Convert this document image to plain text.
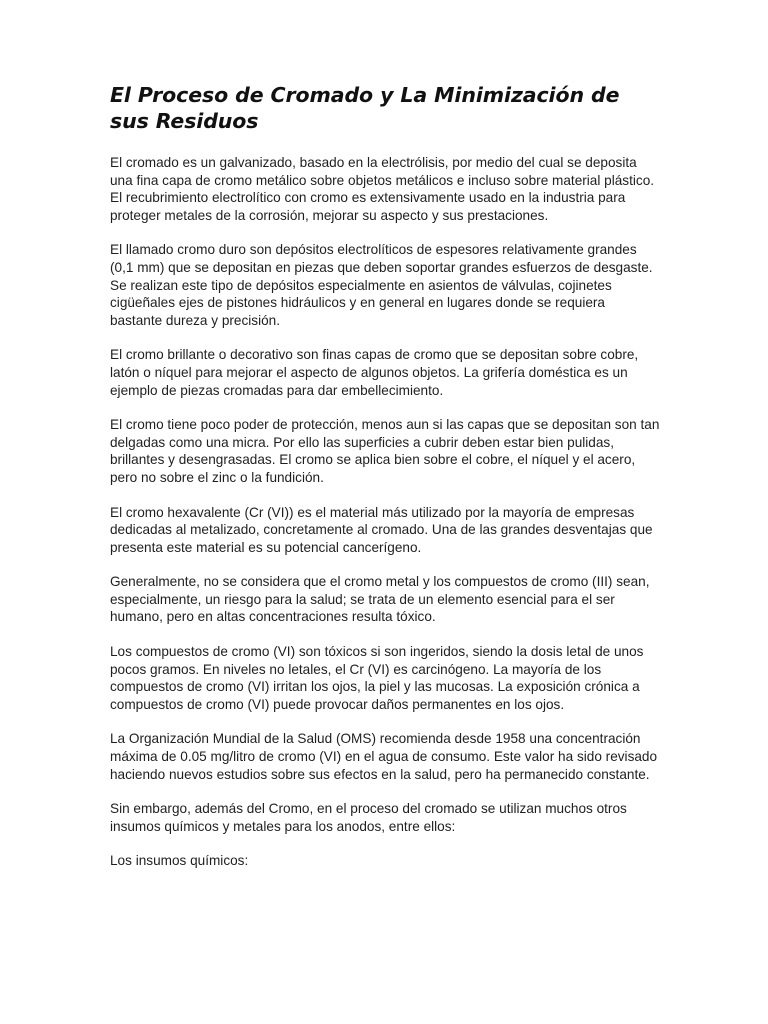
El Proceso de Cromado y La Minimización de sus Residuos

El cromado es un galvanizado, basado en la electrólisis, por medio del cual se deposita una fina capa de cromo metálico sobre objetos metálicos e incluso sobre material plástico. El recubrimiento electrolítico con cromo es extensivamente usado en la industria para proteger metales de la corrosión, mejorar su aspecto y sus prestaciones.

El llamado cromo duro son depósitos electrolíticos de espesores relativamente grandes (0,1 mm) que se depositan en piezas que deben soportar grandes esfuerzos de desgaste. Se realizan este tipo de depósitos especialmente en asientos de válvulas, cojinetes cigüeñales ejes de pistones hidráulicos y en general en lugares donde se requiera bastante dureza y precisión.

El cromo brillante o decorativo son finas capas de cromo que se depositan sobre cobre, latón o níquel para mejorar el aspecto de algunos objetos. La grifería doméstica es un ejemplo de piezas cromadas para dar embellecimiento.

El cromo tiene poco poder de protección, menos aun si las capas que se depositan son tan delgadas como una micra. Por ello las superficies a cubrir deben estar bien pulidas, brillantes y desengrasadas. El cromo se aplica bien sobre el cobre, el níquel y el acero, pero no sobre el zinc o la fundición.

El cromo hexavalente (Cr (VI)) es el material más utilizado por la mayoría de empresas dedicadas al metalizado, concretamente al cromado. Una de las grandes desventajas que presenta este material es su potencial cancerígeno.

Generalmente, no se considera que el cromo metal y los compuestos de cromo (III) sean, especialmente, un riesgo para la salud; se trata de un elemento esencial para el ser humano, pero en altas concentraciones resulta tóxico.

Los compuestos de cromo (VI) son tóxicos si son ingeridos, siendo la dosis letal de unos pocos gramos. En niveles no letales, el Cr (VI) es carcinógeno. La mayoría de los compuestos de cromo (VI) irritan los ojos, la piel y las mucosas. La exposición crónica a compuestos de cromo (VI) puede provocar daños permanentes en los ojos.

La Organización Mundial de la Salud (OMS) recomienda desde 1958 una concentración máxima de 0.05 mg/litro de cromo (VI) en el agua de consumo. Este valor ha sido revisado haciendo nuevos estudios sobre sus efectos en la salud, pero ha permanecido constante.

Sin embargo, además del Cromo, en el proceso del cromado se utilizan muchos otros insumos químicos y metales para los anodos, entre ellos:

Los insumos químicos:
